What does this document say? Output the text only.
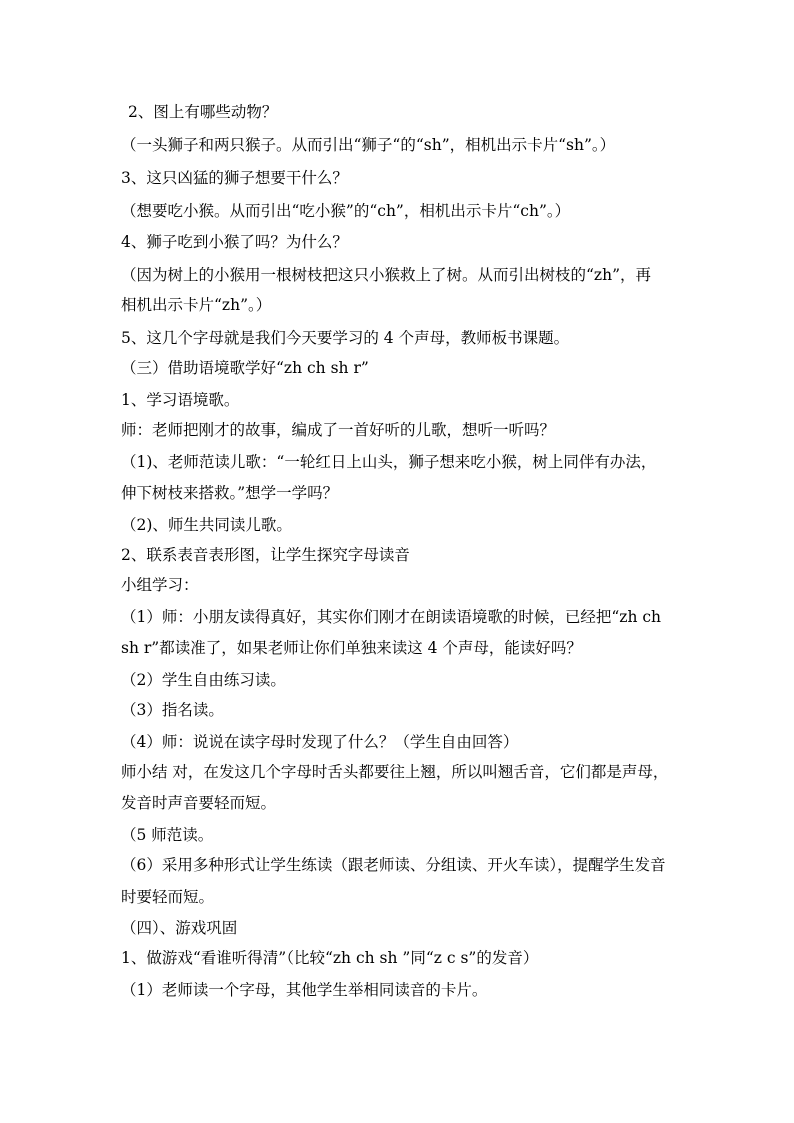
2、图上有哪些动物？
（一头狮子和两只猴子。从而引出“狮子“的“sh”，相机出示卡片“sh”。）
3、这只凶猛的狮子想要干什么？
（想要吃小猴。从而引出“吃小猴”的“ch”，相机出示卡片“ch”。）
4、狮子吃到小猴了吗？为什么？
（因为树上的小猴用一根树枝把这只小猴救上了树。从而引出树枝的“zh”，再
相机出示卡片“zh”。）
5、这几个字母就是我们今天要学习的 4 个声母，教师板书课题。
（三）借助语境歌学好“zh ch sh r”
1、学习语境歌。
师：老师把刚才的故事，编成了一首好听的儿歌，想听一听吗？
（1)、老师范读儿歌：“一轮红日上山头，狮子想来吃小猴，树上同伴有办法，
伸下树枝来搭救。”想学一学吗？
（2)、师生共同读儿歌。
2、联系表音表形图，让学生探究字母读音
小组学习：
（1）师：小朋友读得真好，其实你们刚才在朗读语境歌的时候，已经把“zh ch
sh r”都读准了，如果老师让你们单独来读这 4 个声母，能读好吗？
（2）学生自由练习读。
（3）指名读。
（4）师：说说在读字母时发现了什么？（学生自由回答）
师小结 对，在发这几个字母时舌头都要往上翘，所以叫翘舌音，它们都是声母，
发音时声音要轻而短。
（5 师范读。
（6）采用多种形式让学生练读（跟老师读、分组读、开火车读），提醒学生发音
时要轻而短。
（四）、游戏巩固
1、做游戏“看谁听得清”（比较“zh ch sh ”同“z c s”的发音）
（1）老师读一个字母，其他学生举相同读音的卡片。
